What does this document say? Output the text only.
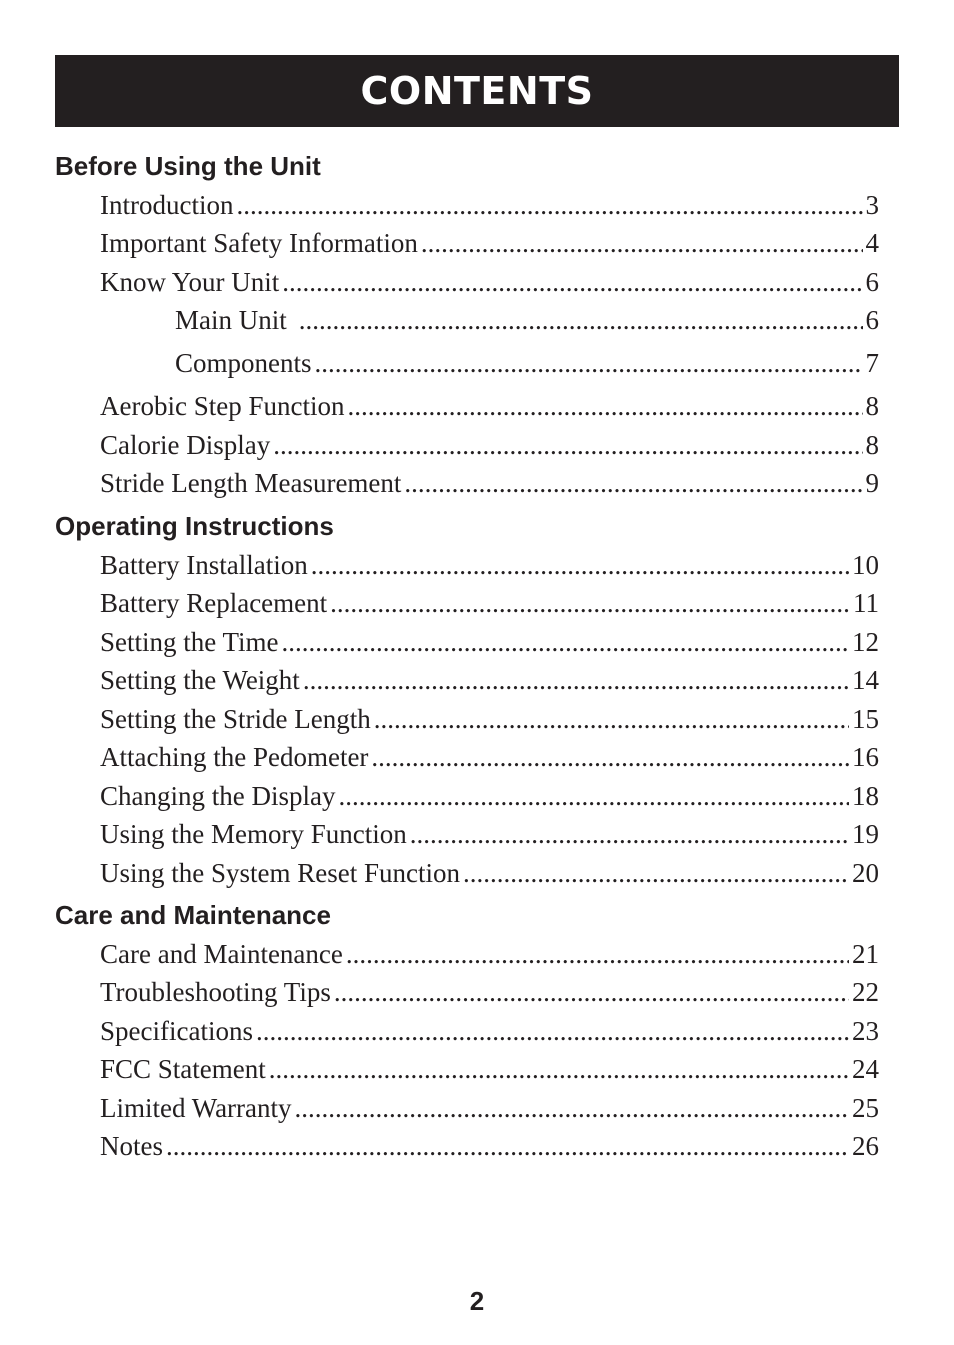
CONTENTS
Before Using the Unit
Introduction .....	3
Important Safety Information .....	4
Know Your Unit .....	6
Main Unit .....	6
Components .....	7
Aerobic Step Function .....	8
Calorie Display .....	8
Stride Length Measurement .....	9
Operating Instructions
Battery Installation .....	10
Battery Replacement .....	11
Setting the Time .....	12
Setting the Weight .....	14
Setting the Stride Length .....	15
Attaching the Pedometer .....	16
Changing the Display .....	18
Using the Memory Function .....	19
Using the System Reset Function .....	20
Care and Maintenance
Care and Maintenance .....	21
Troubleshooting Tips .....	22
Specifications .....	23
FCC Statement .....	24
Limited Warranty .....	25
Notes .....	26
2
